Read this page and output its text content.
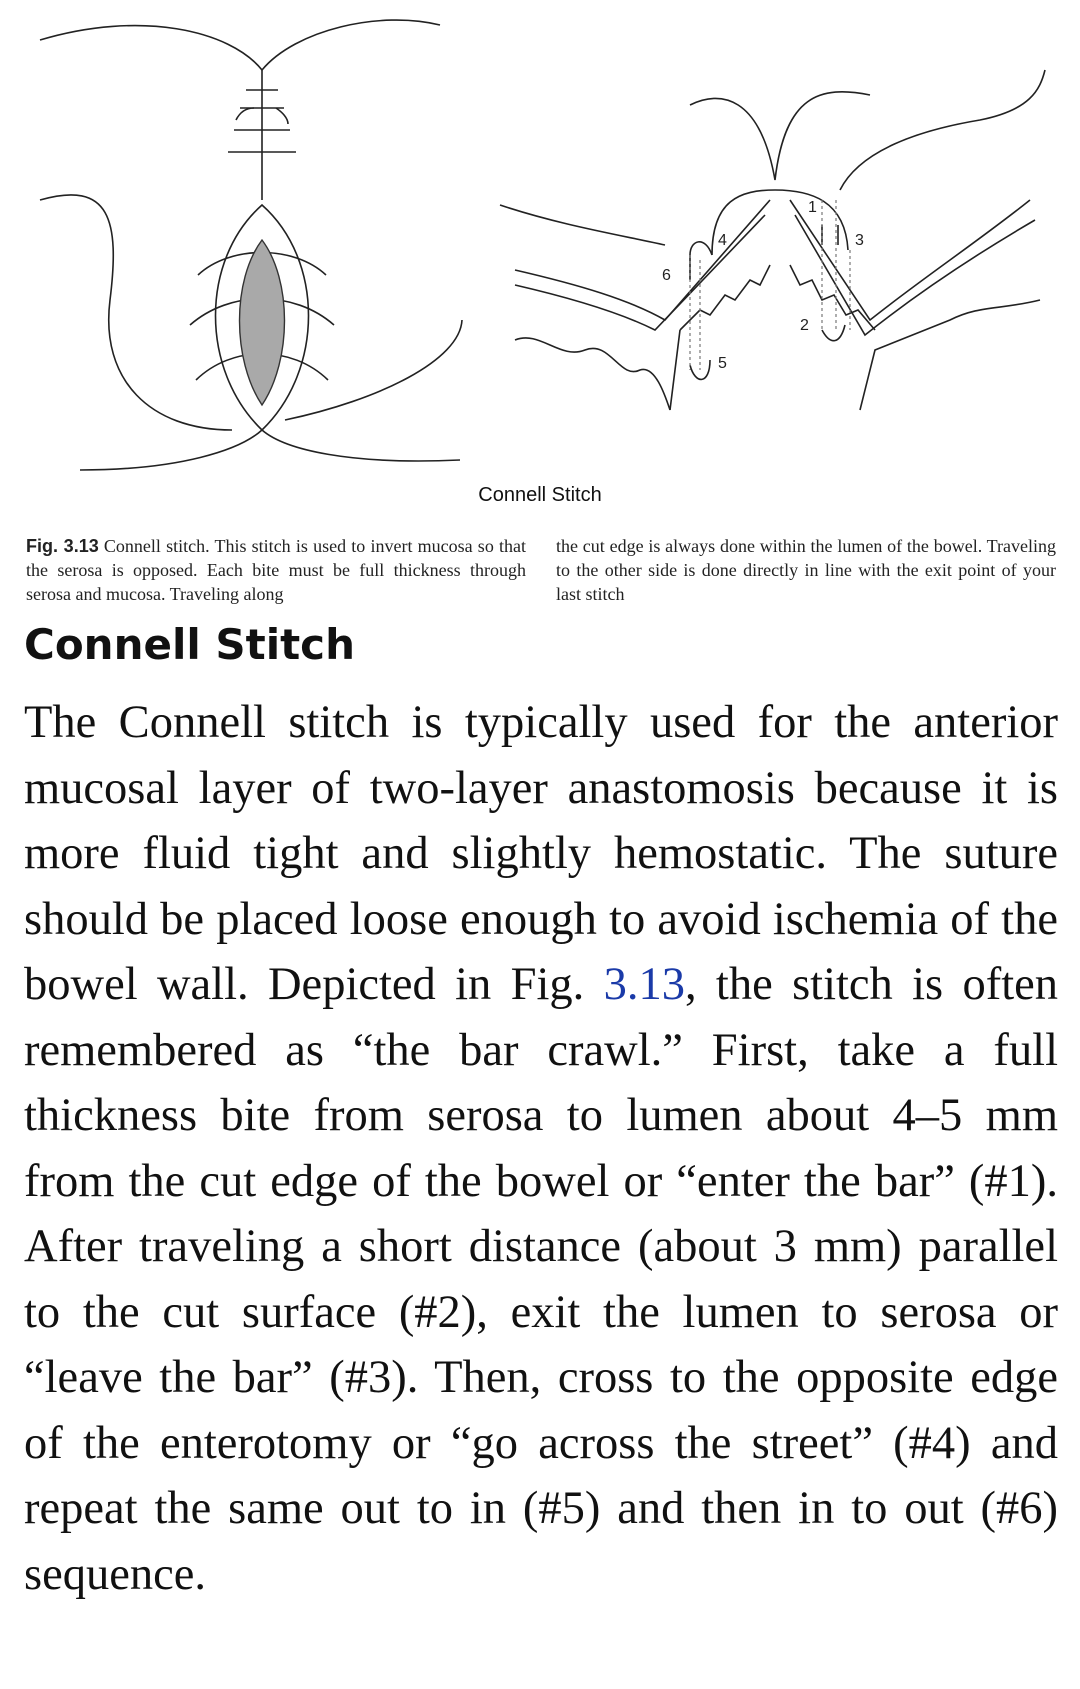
1
2
3
4
5
6
Connell Stitch
Fig. 3.13 Connell stitch. This stitch is used to invert mucosa so that the serosa is opposed. Each bite must be full thickness through serosa and mucosa. Traveling along
the cut edge is always done within the lumen of the bowel. Traveling to the other side is done directly in line with the exit point of your last stitch
Connell Stitch

The Connell stitch is typically used for the anterior mucosal layer of two-layer anastomosis because it is more fluid tight and slightly hemostatic. The suture should be placed loose enough to avoid ischemia of the bowel wall. Depicted in Fig. 3.13, the stitch is often remembered as “the bar crawl.” First, take a full thickness bite from serosa to lumen about 4–5 mm from the cut edge of the bowel or “enter the bar” (#1). After traveling a short distance (about 3 mm) parallel to the cut surface (#2), exit the lumen to serosa or “leave the bar” (#3). Then, cross to the opposite edge of the enterotomy or “go across the street” (#4) and repeat the same out to in (#5) and then in to out (#6) sequence.
